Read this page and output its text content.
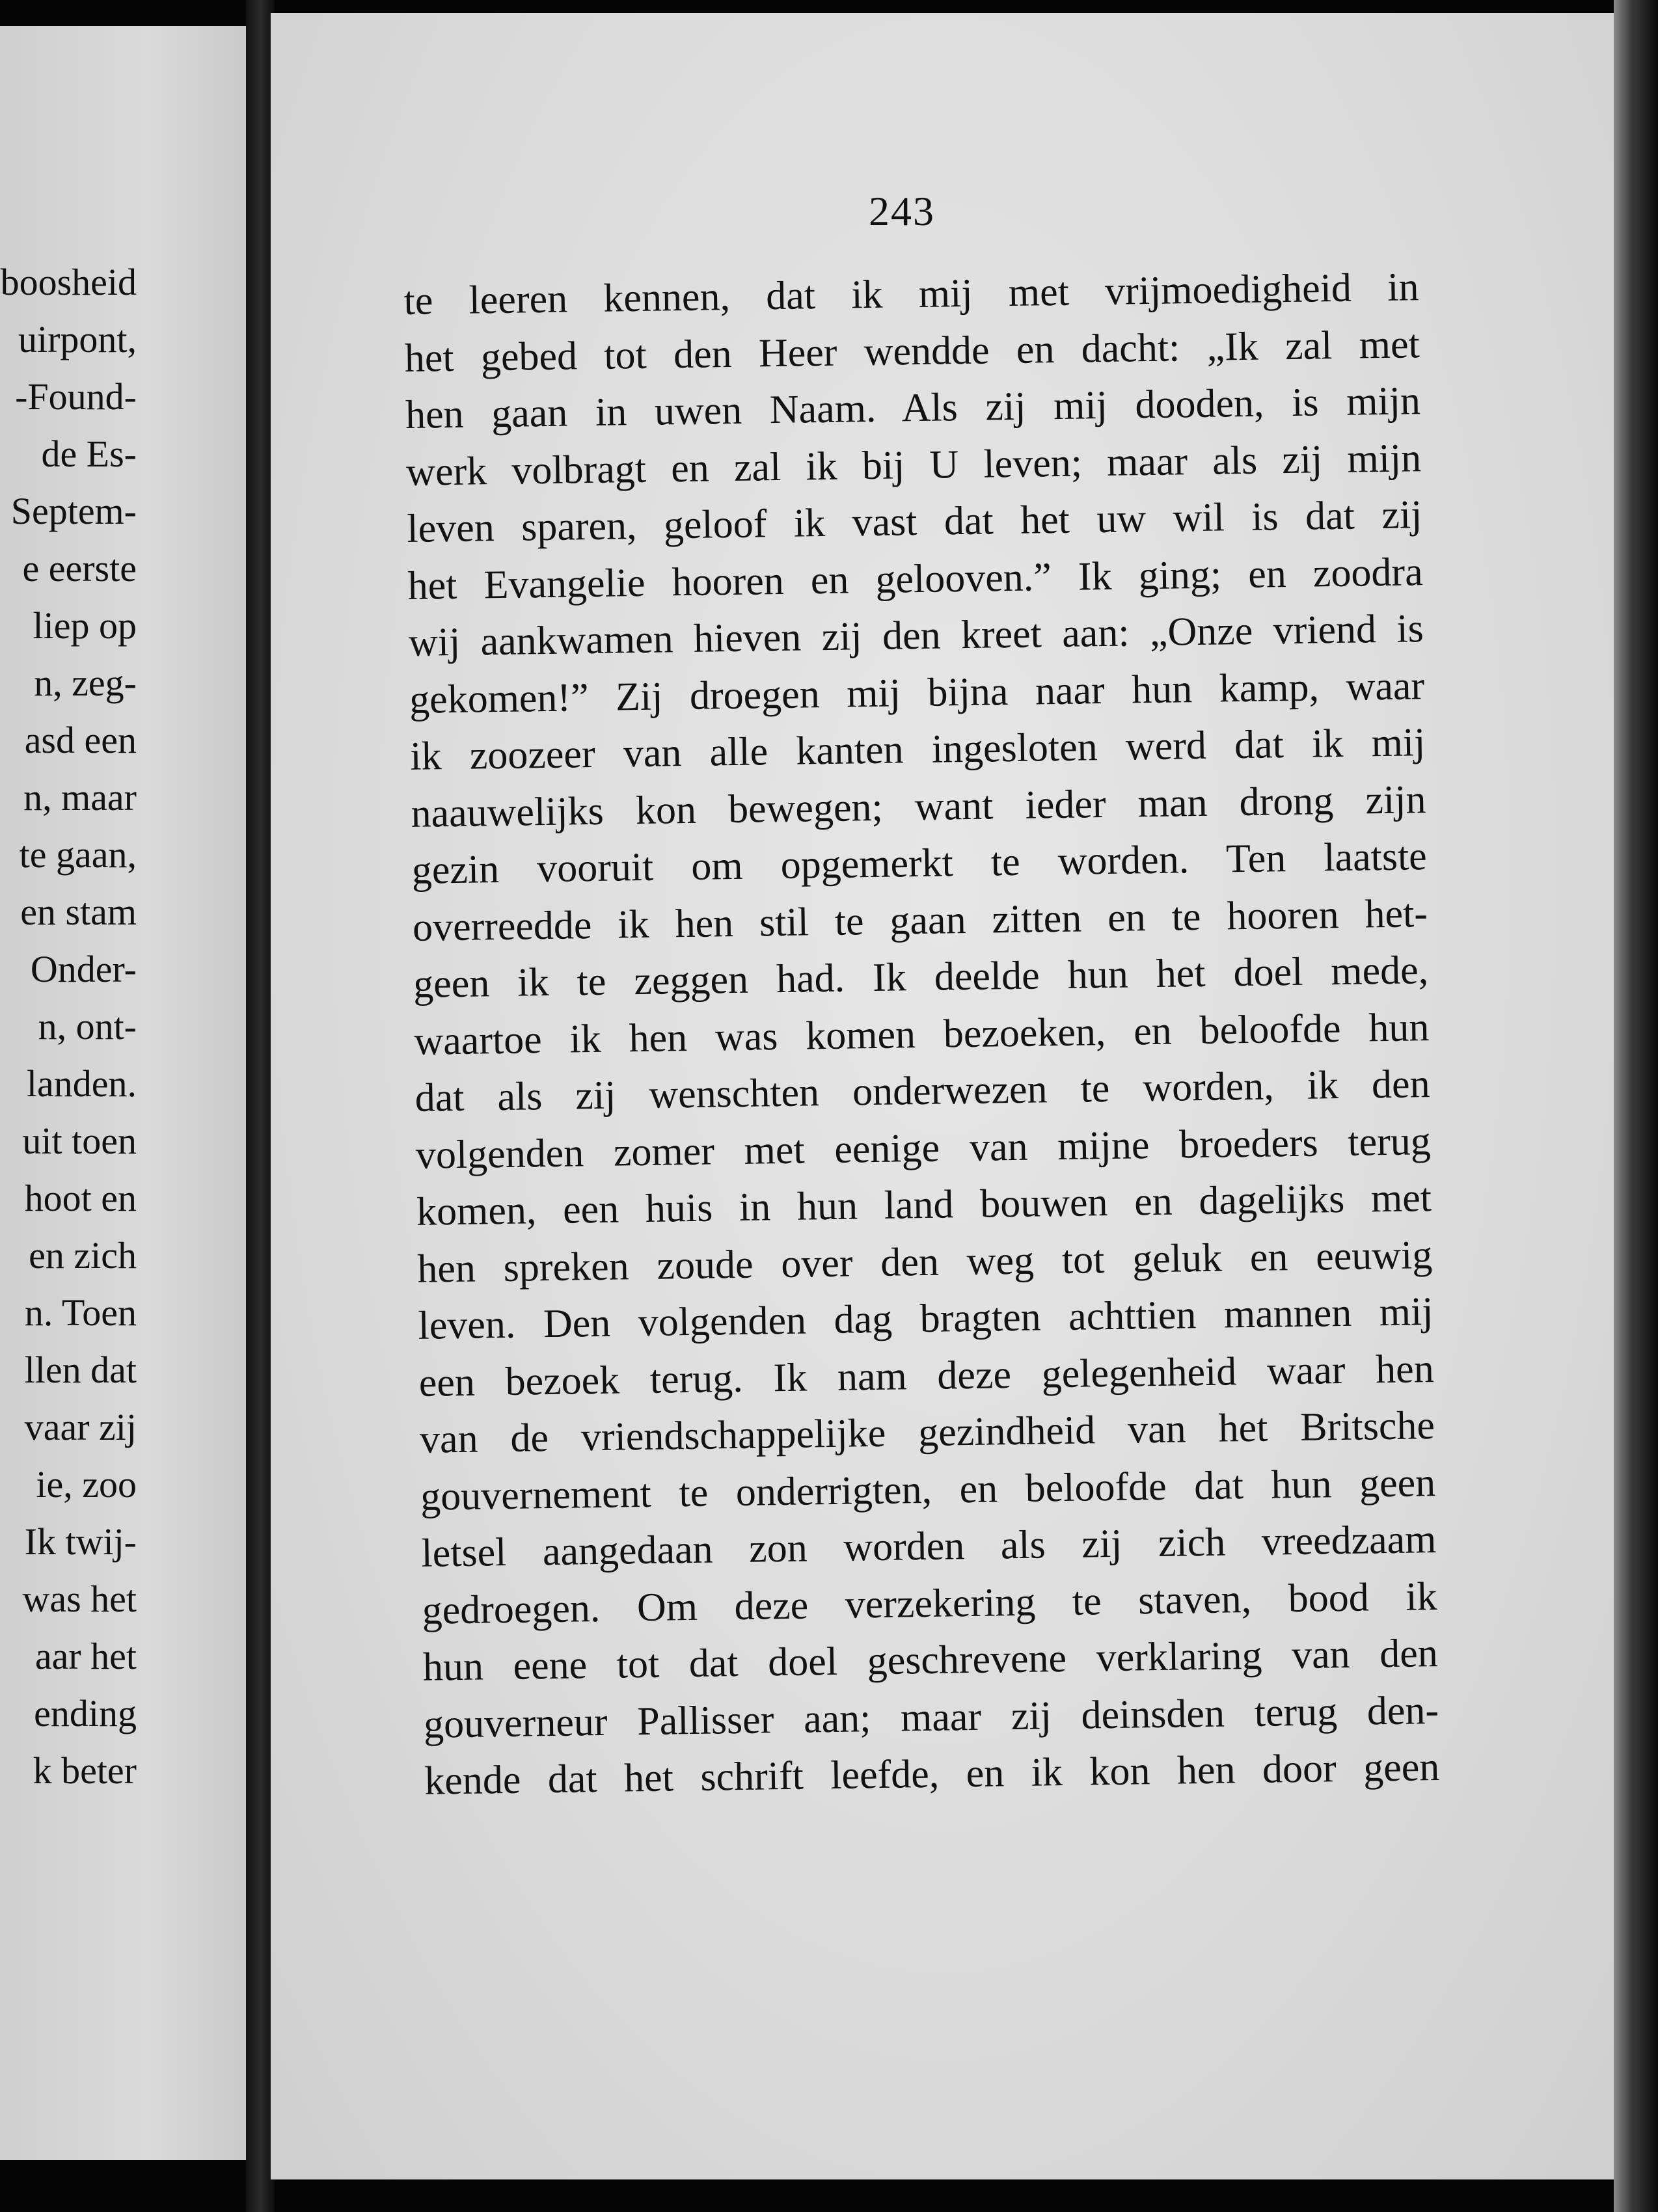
boosheid
uirpont,
-Found-
de Es-
Septem-
e eerste
liep op
n, zeg-
asd een
n, maar
te gaan,
en stam
Onder-
n, ont-
landen.
uit toen
hoot en
en zich
n. Toen
llen dat
vaar zij
ie, zoo
Ik twij-
was het
aar het
ending
k beter
243
te leeren kennen, dat ik mij met vrijmoedigheid in
het gebed tot den Heer wendde en dacht: „Ik zal met
hen gaan in uwen Naam. Als zij mij dooden, is mijn
werk volbragt en zal ik bij U leven; maar als zij mijn
leven sparen, geloof ik vast dat het uw wil is dat zij
het Evangelie hooren en gelooven.” Ik ging; en zoodra
wij aankwamen hieven zij den kreet aan: „Onze vriend is
gekomen!” Zij droegen mij bijna naar hun kamp, waar
ik zoozeer van alle kanten ingesloten werd dat ik mij
naauwelijks kon bewegen; want ieder man drong zijn
gezin vooruit om opgemerkt te worden. Ten laatste
overreedde ik hen stil te gaan zitten en te hooren het-
geen ik te zeggen had. Ik deelde hun het doel mede,
waartoe ik hen was komen bezoeken, en beloofde hun
dat als zij wenschten onderwezen te worden, ik den
volgenden zomer met eenige van mijne broeders terug
komen, een huis in hun land bouwen en dagelijks met
hen spreken zoude over den weg tot geluk en eeuwig
leven. Den volgenden dag bragten achttien mannen mij
een bezoek terug. Ik nam deze gelegenheid waar hen
van de vriendschappelijke gezindheid van het Britsche
gouvernement te onderrigten, en beloofde dat hun geen
letsel aangedaan zon worden als zij zich vreedzaam
gedroegen. Om deze verzekering te staven, bood ik
hun eene tot dat doel geschrevene verklaring van den
gouverneur Pallisser aan; maar zij deinsden terug den-
kende dat het schrift leefde, en ik kon hen door geen
